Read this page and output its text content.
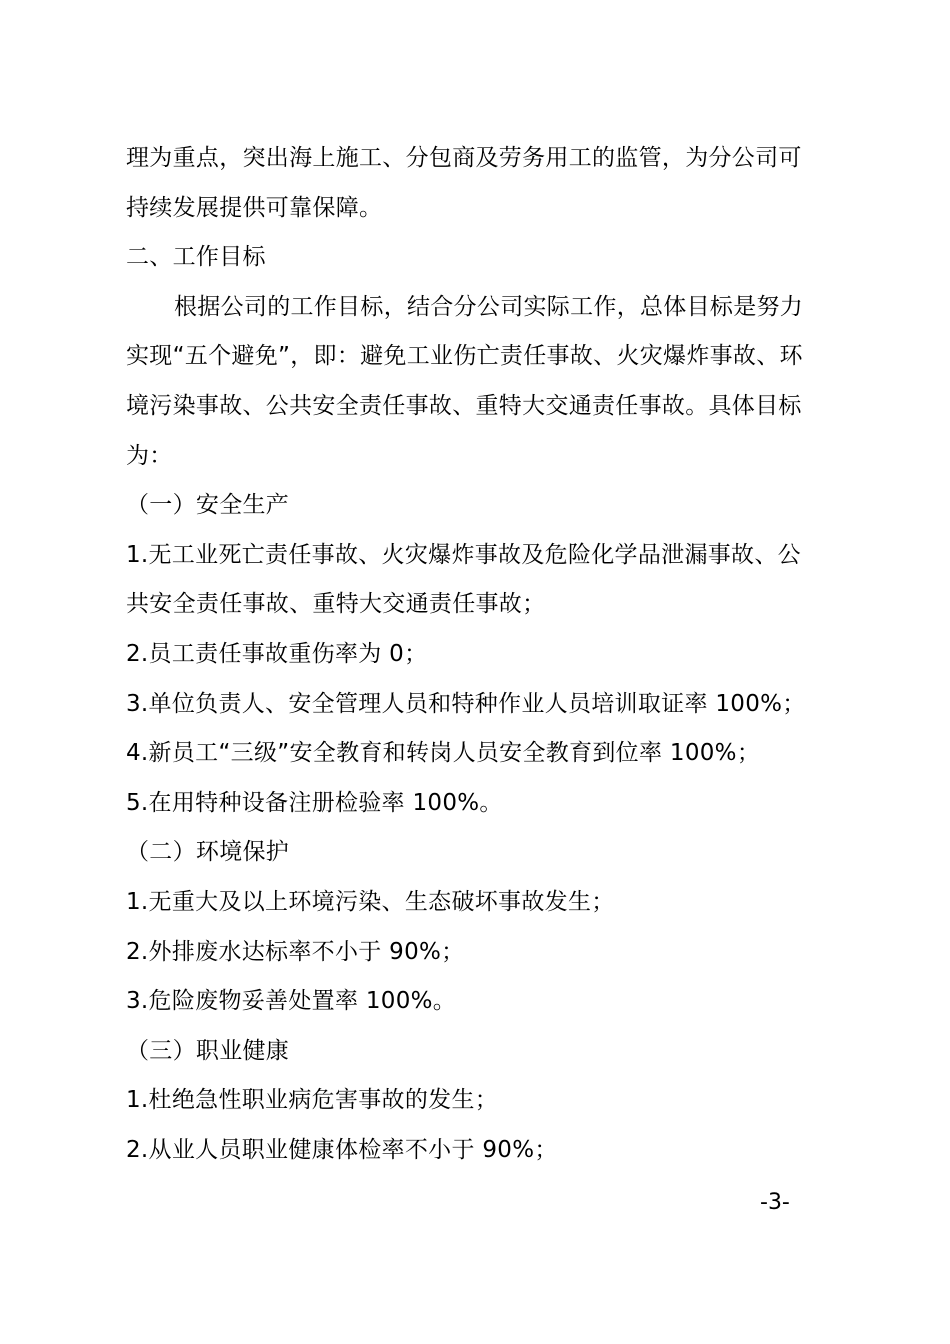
理为重点，突出海上施工、分包商及劳务用工的监管，为分公司可
持续发展提供可靠保障。
二、工作目标
根据公司的工作目标，结合分公司实际工作，总体目标是努力
实现“五个避免”，即：避免工业伤亡责任事故、火灾爆炸事故、环
境污染事故、公共安全责任事故、重特大交通责任事故。具体目标
为：
（一）安全生产
1.无工业死亡责任事故、火灾爆炸事故及危险化学品泄漏事故、公
共安全责任事故、重特大交通责任事故；
2.员工责任事故重伤率为 0；
3.单位负责人、安全管理人员和特种作业人员培训取证率 100%；
4.新员工“三级”安全教育和转岗人员安全教育到位率 100%；
5.在用特种设备注册检验率 100%。
（二）环境保护
1.无重大及以上环境污染、生态破坏事故发生；
2.外排废水达标率不小于 90%；
3.危险废物妥善处置率 100%。
（三）职业健康
1.杜绝急性职业病危害事故的发生；
2.从业人员职业健康体检率不小于 90%；
-3-
